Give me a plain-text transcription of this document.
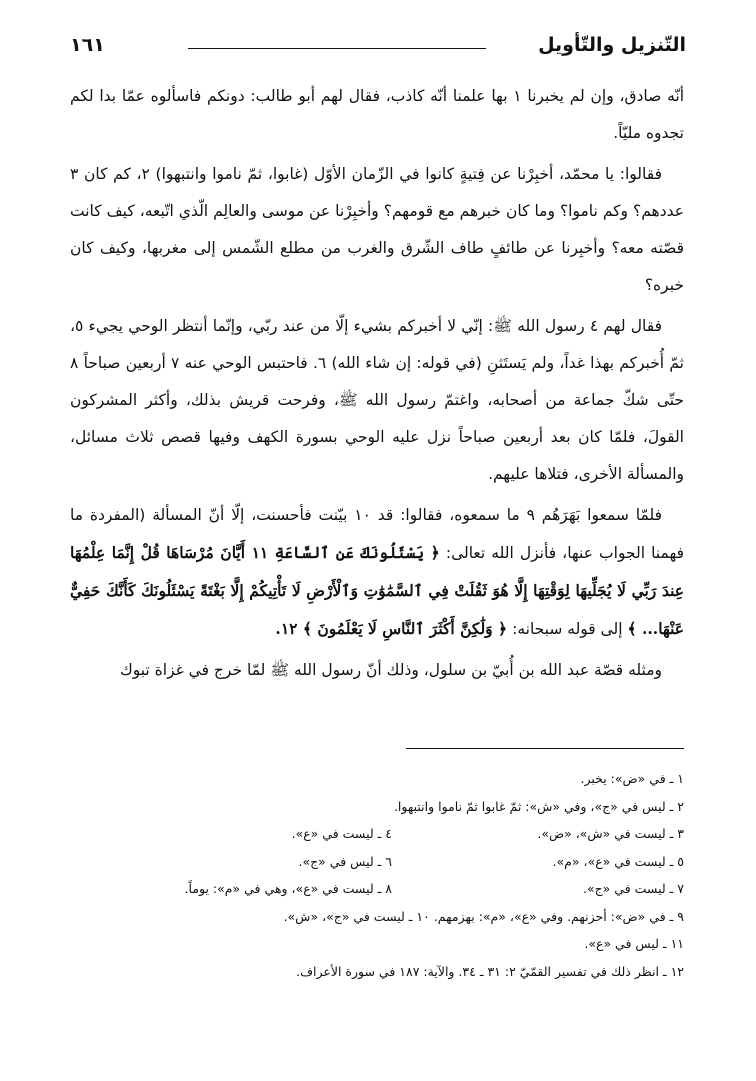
التّنزيل والتّأويل
١٦١

أنّه صادق، وإن لم يخبرنا ١ بها علمنا أنّه كاذب، فقال لهم أبو طالب: دونكم فاسألوه عمّا بدا لكم تجدوه مليّاً.

فقالوا: يا محمّد، أخبِرْنا عن فِتيةٍ كانوا في الزّمان الأوّل (غابوا، ثمّ ناموا وانتبهوا) ٢، كم كان ٣ عددهم؟ وكم ناموا؟ وما كان خبرهم مع قومهم؟ وأخبِرْنا عن موسى والعالِم الّذي اتّبعه، كيف كانت قصّته معه؟ وأخبِرنا عن طائفٍ طاف الشّرق والغرب من مطلع الشّمس إلى مغربها، وكيف كان خبره؟

فقال لهم ٤ رسول الله ﷺ: إنّي لا أخبركم بشيء إلّا من عند ربّي، وإنّما أنتظر الوحي يجيء ٥، ثمّ أُخبركم بهذا غداً، ولم يَستَثنِ (في قوله: إن شاء الله) ٦. فاحتبس الوحي عنه ٧ أربعين صباحاً ٨ حتّى شكّ جماعة من أصحابه، واغتمّ رسول الله ﷺ، وفرحت قريش بذلك، وأكثر المشركون القولَ، فلمّا كان بعد أربعين صباحاً نزل عليه الوحي بسورة الكهف وفيها قصص ثلاث مسائل، والمسألة الأخرى، فتلاها عليهم.

فلمّا سمعوا بَهَرَهُم ٩ ما سمعوه، فقالوا: قد ١٠ بيّنت فأحسنت، إلّا أنّ المسألة (المفردة ما فهمنا الجواب عنها، فأنزل الله تعالى: ﴿ يَسْئَلُونَكَ عَنِ ٱلسَّاعَةِ ١١ أَيَّانَ مُرْسَاهَا قُلْ إِنَّمَا عِلْمُهَا عِندَ رَبِّي لَا يُجَلِّيهَا لِوَقْتِهَا إِلَّا هُوَ ثَقُلَتْ فِي ٱلسَّمَٰوَٰتِ وَٱلْأَرْضِ لَا تَأْتِيكُمْ إِلَّا بَغْتَةً يَسْئَلُونَكَ كَأَنَّكَ حَفِيٌّ عَنْهَا... ﴾ إلى قوله سبحانه: ﴿ وَلَٰكِنَّ أَكْثَرَ ٱلنَّاسِ لَا يَعْلَمُونَ ﴾ ١٢.

ومثله قصّة عبد الله بن أُبيّ بن سلول، وذلك أنّ رسول الله ﷺ لمّا خرج في غزاة تبوك

١ ـ في «ض»: يخبر.
٢ ـ ليس في «ج»، وفي «ش»: ثمّ غابوا ثمّ ناموا وانتبهوا.
٣ ـ ليست في «ش»، «ض».
٤ ـ ليست في «ع».
٥ ـ ليست في «ع»، «م».
٦ ـ ليس في «ج».
٧ ـ ليست في «ج».
٨ ـ ليست في «ع»، وهي في «م»: يوماً.
٩ ـ في «ض»: أحزنهم. وفي «ع»، «م»: بهزمهم. ١٠ ـ ليست في «ج»، «ش».
١١ ـ ليس في «ع».
١٢ ـ انظر ذلك في تفسير القمّيّ ٢: ٣١ ـ ٣٤. والآية: ١٨٧ في سورة الأعراف.
